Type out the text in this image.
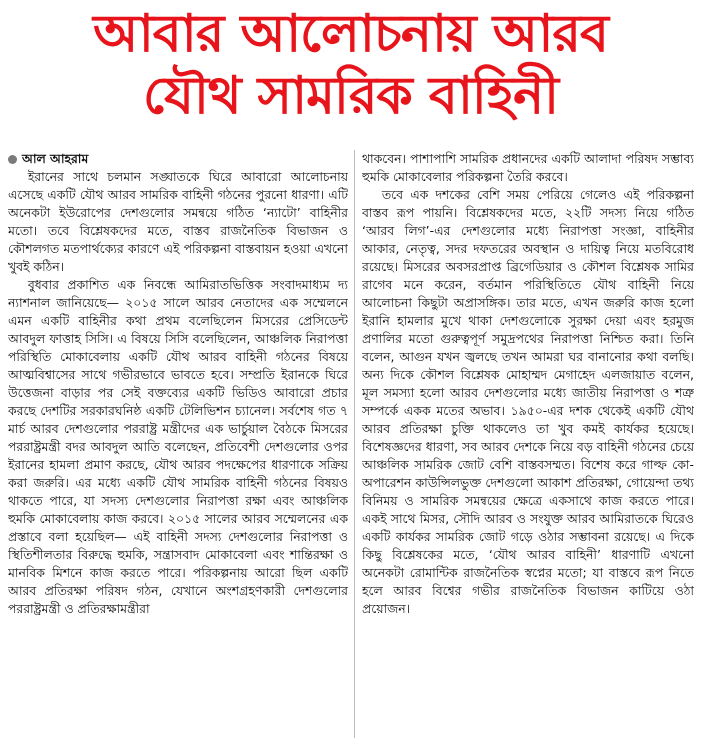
আবার আলোচনায় আরব
যৌথ সামরিক বাহিনী
আল আহরাম

ইরানের সাথে চলমান সঙ্ঘাতকে ঘিরে আবারো আলোচনায় এসেছে একটি যৌথ আরব সামরিক বাহিনী গঠনের পুরনো ধারণা। এটি অনেকটা ইউরোপের দেশগুলোর সমন্বয়ে গঠিত ‘ন্যাটো’ বাহিনীর মতো। তবে বিশ্লেষকদের মতে, বাস্তব রাজনৈতিক বিভাজন ও কৌশলগত মতপার্থক্যের কারণে এই পরিকল্পনা বাস্তবায়ন হওয়া এখনো খুবই কঠিন।

বুধবার প্রকাশিত এক নিবন্ধে আমিরাতভিত্তিক সংবাদমাধ্যম দ্য ন্যাশনাল জানিয়েছে— ২০১৫ সালে আরব নেতাদের এক সম্মেলনে এমন একটি বাহিনীর কথা প্রথম বলেছিলেন মিসরের প্রেসিডেন্ট আবদুল ফাত্তাহ সিসি। এ বিষয়ে সিসি বলেছিলেন, আঞ্চলিক নিরাপত্তা পরিস্থিতি মোকাবেলায় একটি যৌথ আরব বাহিনী গঠনের বিষয়ে আত্মবিশ্বাসের সাথে গভীরভাবে ভাবতে হবে। সম্প্রতি ইরানকে ঘিরে উত্তেজনা বাড়ার পর সেই বক্তব্যের একটি ভিডিও আবারো প্রচার করছে দেশটির সরকারঘনিষ্ঠ একটি টেলিভিশন চ্যানেল। সর্বশেষ গত ৭ মার্চ আরব দেশগুলোর পররাষ্ট্র মন্ত্রীদের এক ভার্চুয়াল বৈঠকে মিসরের পররাষ্ট্রমন্ত্রী বদর আবদুল আতি বলেছেন, প্রতিবেশী দেশগুলোর ওপর ইরানের হামলা প্রমাণ করছে, যৌথ আরব পদক্ষেপের ধারণাকে সক্রিয় করা জরুরি। এর মধ্যে একটি যৌথ সামরিক বাহিনী গঠনের বিষয়ও থাকতে পারে, যা সদস্য দেশগুলোর নিরাপত্তা রক্ষা এবং আঞ্চলিক হুমকি মোকাবেলায় কাজ করবে। ২০১৫ সালের আরব সম্মেলনের এক প্রস্তাবে বলা হয়েছিল— এই বাহিনী সদস্য দেশগুলোর নিরাপত্তা ও স্থিতিশীলতার বিরুদ্ধে হুমকি, সন্ত্রাসবাদ মোকাবেলা এবং শান্তিরক্ষা ও মানবিক মিশনে কাজ করতে পারে। পরিকল্পনায় আরো ছিল একটি আরব প্রতিরক্ষা পরিষদ গঠন, যেখানে অংশগ্রহণকারী দেশগুলোর পররাষ্ট্রমন্ত্রী ও প্রতিরক্ষামন্ত্রীরা

থাকবেন। পাশাপাশি সামরিক প্রধানদের একটি আলাদা পরিষদ সম্ভাব্য হুমকি মোকাবেলার পরিকল্পনা তৈরি করবে।

তবে এক দশকের বেশি সময় পেরিয়ে গেলেও এই পরিকল্পনা বাস্তব রূপ পায়নি। বিশ্লেষকদের মতে, ২২টি সদস্য নিয়ে গঠিত ‘আরব লিগ’-এর দেশগুলোর মধ্যে নিরাপত্তা সংজ্ঞা, বাহিনীর আকার, নেতৃত্ব, সদর দফতরের অবস্থান ও দায়িত্ব নিয়ে মতবিরোধ রয়েছে। মিসরের অবসরপ্রাপ্ত ব্রিগেডিয়ার ও কৌশল বিশ্লেষক সামির রাগেব মনে করেন, বর্তমান পরিস্থিতিতে যৌথ বাহিনী নিয়ে আলোচনা কিছুটা অপ্রাসঙ্গিক। তার মতে, এখন জরুরি কাজ হলো ইরানি হামলার মুখে থাকা দেশগুলোকে সুরক্ষা দেয়া এবং হরমুজ প্রণালির মতো গুরুত্বপূর্ণ সমুদ্রপথের নিরাপত্তা নিশ্চিত করা। তিনি বলেন, আগুন যখন জ্বলছে তখন আমরা ঘর বানানোর কথা বলছি। অন্য দিকে কৌশল বিশ্লেষক মোহাম্মদ মেগাহেদ এলজায়াত বলেন, মূল সমস্যা হলো আরব দেশগুলোর মধ্যে জাতীয় নিরাপত্তা ও শত্রু সম্পর্কে একক মতের অভাব। ১৯৫০-এর দশক থেকেই একটি যৌথ আরব প্রতিরক্ষা চুক্তি থাকলেও তা খুব কমই কার্যকর হয়েছে। বিশেষজ্ঞদের ধারণা, সব আরব দেশকে নিয়ে বড় বাহিনী গঠনের চেয়ে আঞ্চলিক সামরিক জোট বেশি বাস্তবসম্মত। বিশেষ করে গাল্ফ কো-অপারেশন কাউন্সিলভুক্ত দেশগুলো আকাশ প্রতিরক্ষা, গোয়েন্দা তথ্য বিনিময় ও সামরিক সমন্বয়ের ক্ষেত্রে একসাথে কাজ করতে পারে। একই সাথে মিসর, সৌদি আরব ও সংযুক্ত আরব আমিরাতকে ঘিরেও একটি কার্যকর সামরিক জোট গড়ে ওঠার সম্ভাবনা রয়েছে। এ দিকে কিছু বিশ্লেষকের মতে, ‘যৌথ আরব বাহিনী’ ধারণাটি এখনো অনেকটা রোমান্টিক রাজনৈতিক স্বপ্নের মতো; যা বাস্তবে রূপ নিতে হলে আরব বিশ্বের গভীর রাজনৈতিক বিভাজন কাটিয়ে ওঠা প্রয়োজন।
